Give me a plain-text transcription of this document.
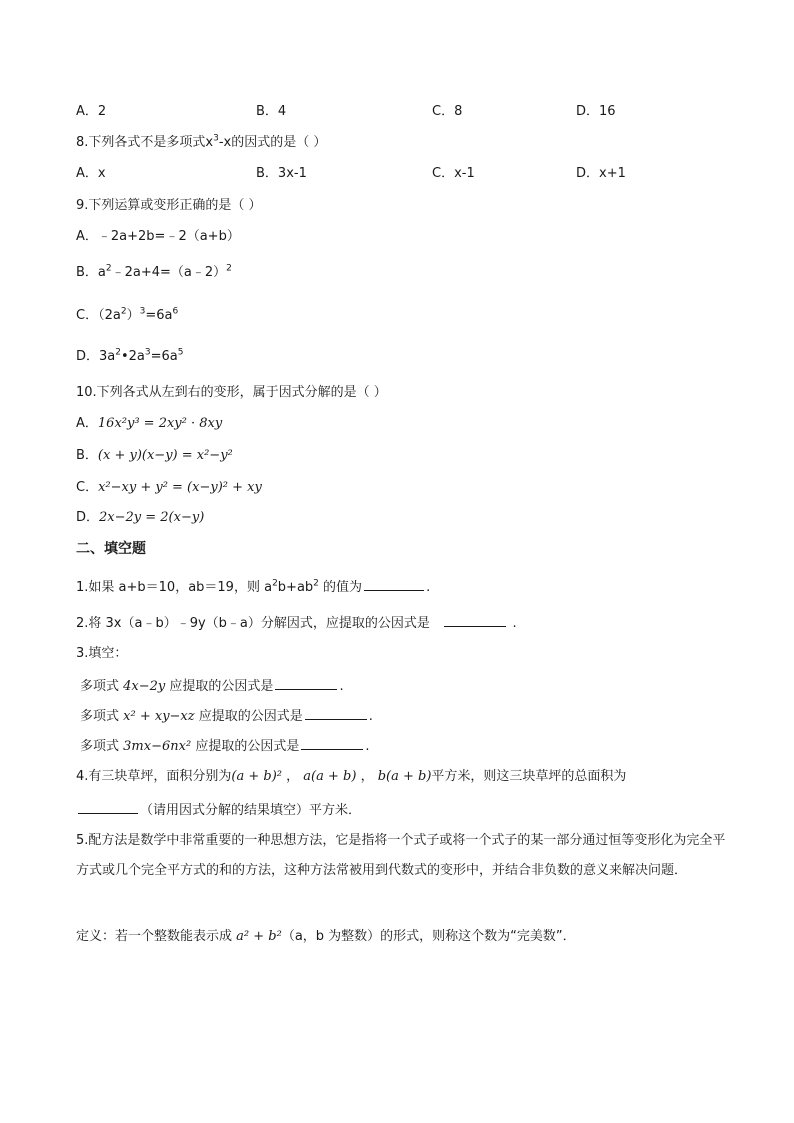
A．2	B．4	C．8	D．16
8.下列各式不是多项式$x^3-x$的因式的是（ ）
A．x	B．3x-1	C．x-1	D．x+1
9.下列运算或变形正确的是（ ）
A．﹣2a+2b=﹣2（a+b）
B．$a^2﹣2a+4=(a﹣2)^2$
C．$(2a^2)^3=6a^6$
D．$3a^2•2a^3=6a^5$
10.下列各式从左到右的变形，属于因式分解的是（ ）
A．16x²y³ = 2xy² · 8xy
B．(x + y)(x−y) = x²−y²
C．x²−xy + y² = (x−y)² + xy
D．2x−2y = 2(x−y)
二、填空题
1.如果 a+b＝10，ab＝19，则 $a^2b+ab^2$ 的值为	.
2.将 3x（a﹣b）﹣9y（b﹣a）分解因式，应提取的公因式是	.
3.填空：
多项式 4x−2y 应提取的公因式是	.
多项式 x² + xy−xz 应提取的公因式是	.
多项式 3mx−6nx² 应提取的公因式是	.
4.有三块草坪，面积分别为(a + b)² ， a(a + b) ， b(a + b)平方米，则这三块草坪的总面积为
（请用因式分解的结果填空）平方米．
5.配方法是数学中非常重要的一种思想方法，它是指将一个式子或将一个式子的某一部分通过恒等变形化为完全平方式或几个完全平方式的和的方法，这种方法常被用到代数式的变形中，并结合非负数的意义来解决问题．
定义：若一个整数能表示成 a² + b²（a，b 为整数）的形式，则称这个数为“完美数”．
